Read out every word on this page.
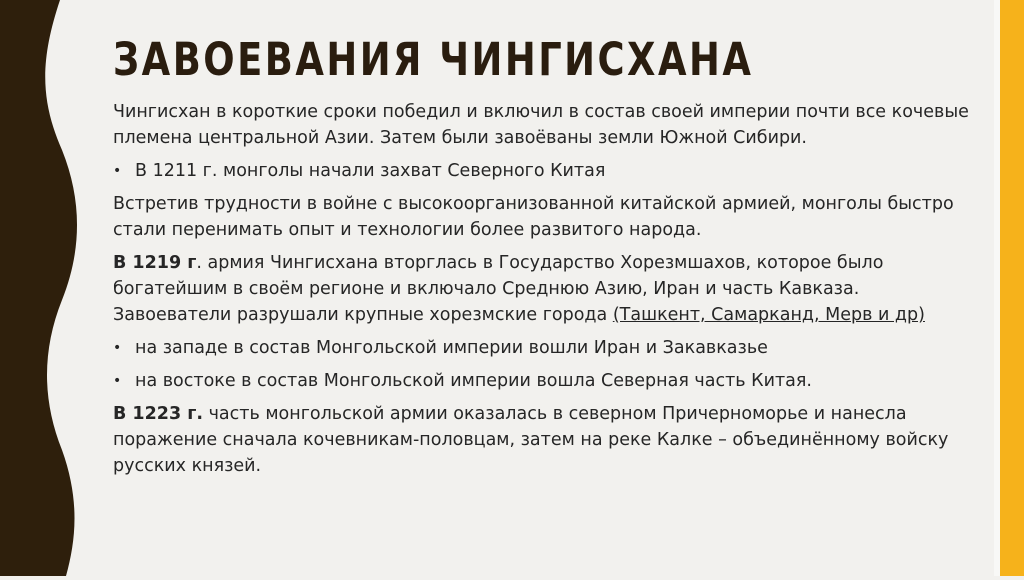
ЗАВОЕВАНИЯ ЧИНГИСХАНА

Чингисхан в короткие сроки победил и включил в состав своей империи почти все кочевые племена центральной Азии. Затем были завоёваны земли Южной Сибири.

• В 1211 г. монголы начали захват Северного Китая

Встретив трудности в войне с высокоорганизованной китайской армией, монголы быстро стали перенимать опыт и технологии более развитого народа.

В 1219 г. армия Чингисхана вторглась в Государство Хорезмшахов, которое было богатейшим в своём регионе и включало Среднюю Азию, Иран и часть Кавказа. Завоеватели разрушали крупные хорезмские города (Ташкент, Самарканд, Мерв и др)

• на западе в состав Монгольской империи вошли Иран и Закавказье
• на востоке в состав Монгольской империи вошла Северная часть Китая.

В 1223 г. часть монгольской армии оказалась в северном Причерноморье и нанесла поражение сначала кочевникам-половцам, затем на реке Калке – объединённому войску русских князей.
